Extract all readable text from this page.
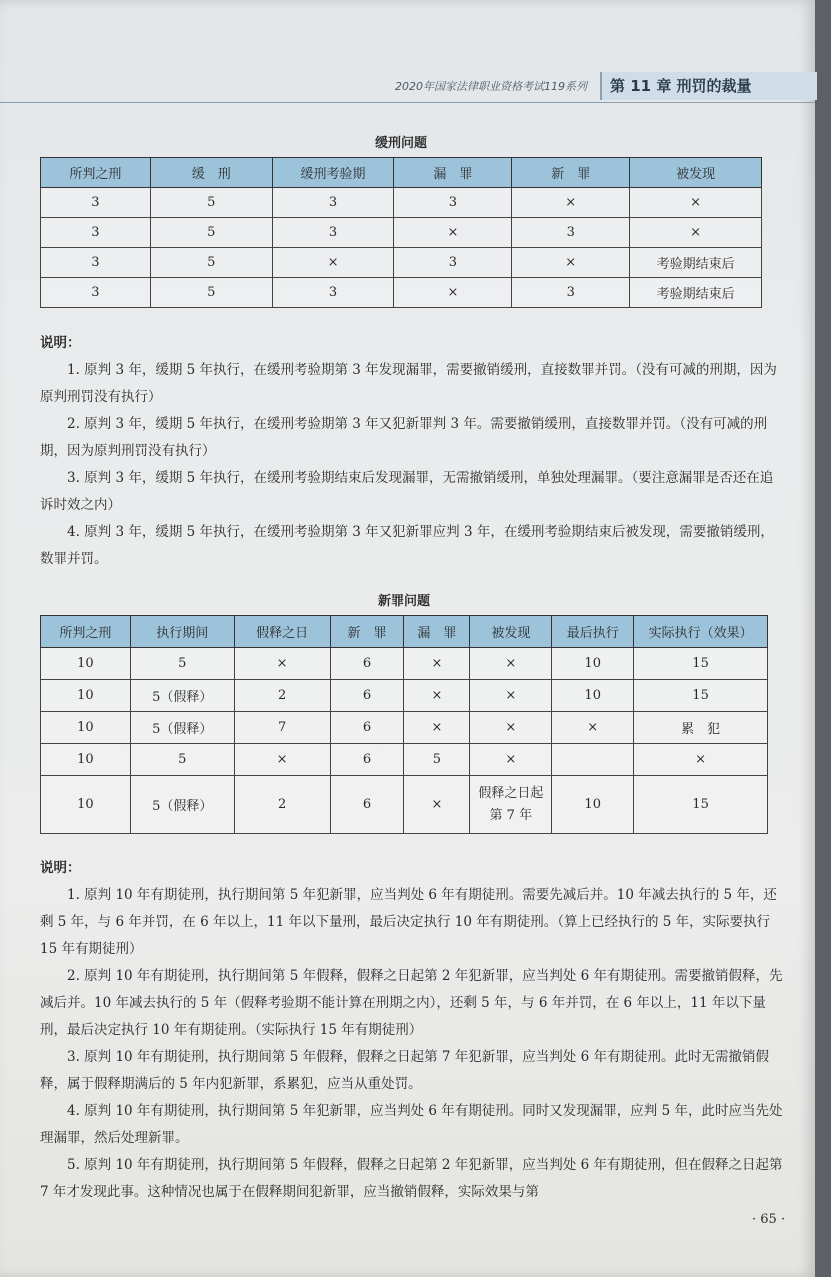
2020年国家法律职业资格考试119系列 第 11 章 刑罚的裁量
缓刑问题
所判之刑	缓　刑	缓刑考验期	漏　罪	新　罪	被发现
3	5	3	3	×	×
3	5	3	×	3	×
3	5	×	3	×	考验期结束后
3	5	3	×	3	考验期结束后
说明：

1. 原判 3 年，缓期 5 年执行，在缓刑考验期第 3 年发现漏罪，需要撤销缓刑，直接数罪并罚。（没有可减的刑期，因为原判刑罚没有执行）

2. 原判 3 年，缓期 5 年执行，在缓刑考验期第 3 年又犯新罪判 3 年。需要撤销缓刑，直接数罪并罚。（没有可减的刑期，因为原判刑罚没有执行）

3. 原判 3 年，缓期 5 年执行，在缓刑考验期结束后发现漏罪，无需撤销缓刑，单独处理漏罪。（要注意漏罪是否还在追诉时效之内）

4. 原判 3 年，缓期 5 年执行，在缓刑考验期第 3 年又犯新罪应判 3 年，在缓刑考验期结束后被发现，需要撤销缓刑，数罪并罚。

新罪问题
所判之刑	执行期间	假释之日	新　罪	漏　罪	被发现	最后执行	实际执行（效果）
10	5	×	6	×	×	10	15
10	5（假释）	2	6	×	×	10	15
10	5（假释）	7	6	×	×	×	累　犯
10	5	×	6	5	×		×
10	5（假释）	2	6	×	假释之日起第 7 年	10	15
说明：

1. 原判 10 年有期徒刑，执行期间第 5 年犯新罪，应当判处 6 年有期徒刑。需要先减后并。10 年减去执行的 5 年，还剩 5 年，与 6 年并罚，在 6 年以上，11 年以下量刑，最后决定执行 10 年有期徒刑。（算上已经执行的 5 年，实际要执行 15 年有期徒刑）

2. 原判 10 年有期徒刑，执行期间第 5 年假释，假释之日起第 2 年犯新罪，应当判处 6 年有期徒刑。需要撤销假释，先减后并。10 年减去执行的 5 年（假释考验期不能计算在刑期之内），还剩 5 年，与 6 年并罚，在 6 年以上，11 年以下量刑，最后决定执行 10 年有期徒刑。（实际执行 15 年有期徒刑）

3. 原判 10 年有期徒刑，执行期间第 5 年假释，假释之日起第 7 年犯新罪，应当判处 6 年有期徒刑。此时无需撤销假释，属于假释期满后的 5 年内犯新罪，系累犯，应当从重处罚。

4. 原判 10 年有期徒刑，执行期间第 5 年犯新罪，应当判处 6 年有期徒刑。同时又发现漏罪，应判 5 年，此时应当先处理漏罪，然后处理新罪。

5. 原判 10 年有期徒刑，执行期间第 5 年假释，假释之日起第 2 年犯新罪，应当判处 6 年有期徒刑，但在假释之日起第 7 年才发现此事。这种情况也属于在假释期间犯新罪，应当撤销假释，实际效果与第

· 65 ·
